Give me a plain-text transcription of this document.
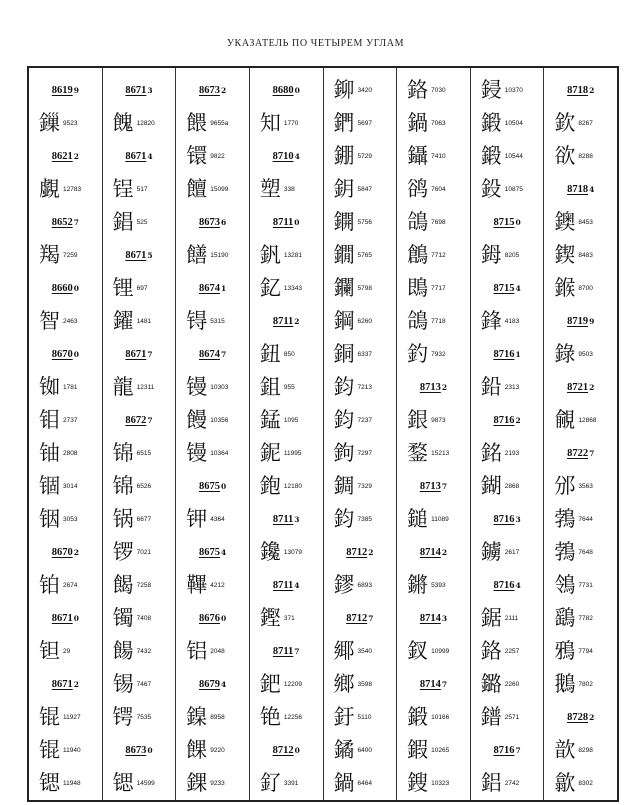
УКАЗАТЕЛЬ ПО ЧЕТЫРЕМ УГЛАМ
8619 9
鏁 9523
8621 2
覷 12783
8652 7
羯 7259
8660 0
智 2463
8670 0
铷 1781
钼 2737
铀 2808
锢 3014
铟 3053
8670 2
铂 2674
8671 0
钽 29
8671 2
锟 11927
锟 11940
锶 11948
8671 3
餽 12820
8671 4
锃 517
錩 525
8671 5
锂 697
鑃 1481
8671 7
龍 12311
8672 7
锦 6515
锦 6526
锅 6677
锣 7021
餲 7258
镯 7408
餳 7432
锡 7467
锷 7535
8673 0
锶 14599
8673 2
餵 9655a
镮 9822
饘 15099
8673 6
饍 15190
8674 1
锝 5315
8674 7
镘 10303
饅 10356
镘 10364
8675 0
钾 4364
8675 4
鞸 4212
8676 0
铝 2048
8679 4
鎳 8958
餜 9220
錁 9233
8680 0
知 1770
8710 4
塑 338
8711 0
釩 13281
釔 13343
8711 2
鈕 850
鉏 955
錳 1095
鈮 11995
鉋 12180
8711 3
鑱 13079
8711 4
鏗 371
8711 7
鈀 12209
铯 12256
8712 0
釕 3391
鉚 3420
鍆 5697
錋 5729
鈅 5847
鐦 5756
鐗 5765
鑭 5798
鋼 6260
銅 6337
鈞 7213
鈞 7237
鉤 7297
錭 7329
鈞 7385
8712 2
鏐 6893
8712 7
鄊 3540
鄉 3598
釪 5110
鐍 6400
鍋 6464
鉻 7030
鍋 7063
鑷 7410
鹆 7604
鴿 7698
鶬 7712
鵖 7717
鴿 7718
釣 7932
8713 2
銀 9873
鍪 15213
8713 7
鎚 11089
8714 2
鏘 5393
8714 3
釵 10999
8714 7
鍛 10166
鍜 10265
鎪 10323
鋟 10370
鍛 10504
鍛 10544
鈠 10875
8715 0
鉧 8205
8715 4
鋒 4183
8716 1
鉛 2313
8716 2
銘 2193
鍸 2868
8716 3
鐪 2617
8716 4
鋸 2111
鉻 2257
鏴 2260
鐠 2571
8716 7
鋁 2742
8718 2
欽 8267
欲 8288
8718 4
鐭 8453
鍥 8483
鍭 8700
8719 9
錄 9503
8721 2
覦 12868
8722 7
邠 3563
鵓 7644
鵓 7648
鴒 7731
鷂 7782
鴉 7794
鵝 7802
8728 2
歆 8298
歙 8302
